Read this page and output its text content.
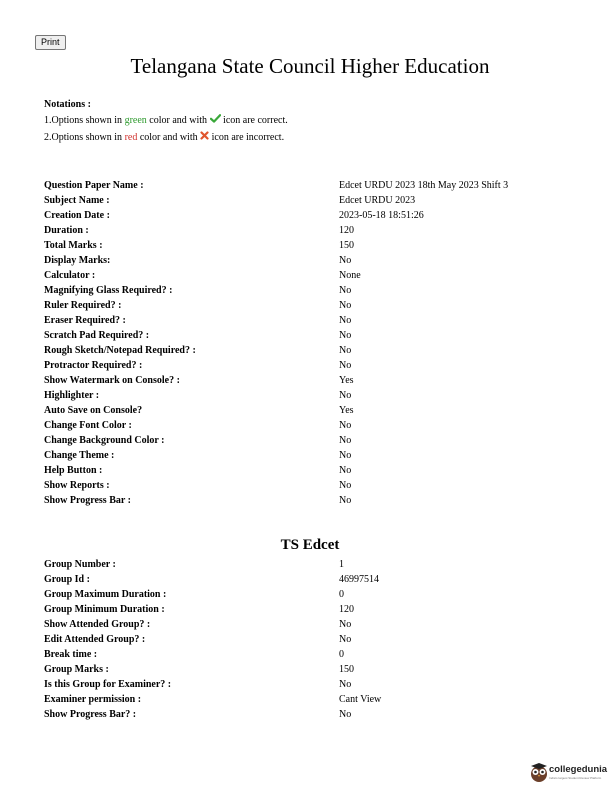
Print
Telangana State Council Higher Education
Notations :
1.Options shown in green color and with  icon are correct.
2.Options shown in red color and with  icon are incorrect.
Question Paper Name :	Edcet URDU 2023 18th May 2023 Shift 3
Subject Name :	Edcet URDU 2023
Creation Date :	2023-05-18 18:51:26
Duration :	120
Total Marks :	150
Display Marks:	No
Calculator :	None
Magnifying Glass Required? :	No
Ruler Required? :	No
Eraser Required? :	No
Scratch Pad Required? :	No
Rough Sketch/Notepad Required? :	No
Protractor Required? :	No
Show Watermark on Console? :	Yes
Highlighter :	No
Auto Save on Console?	Yes
Change Font Color :	No
Change Background Color :	No
Change Theme :	No
Help Button :	No
Show Reports :	No
Show Progress Bar :	No
TS Edcet
Group Number :	1
Group Id :	46997514
Group Maximum Duration :	0
Group Minimum Duration :	120
Show Attended Group? :	No
Edit Attended Group? :	No
Break time :	0
Group Marks :	150
Is this Group for Examiner? :	No
Examiner permission :	Cant View
Show Progress Bar? :	No
collegedunia
India's largest Student Review Platform
